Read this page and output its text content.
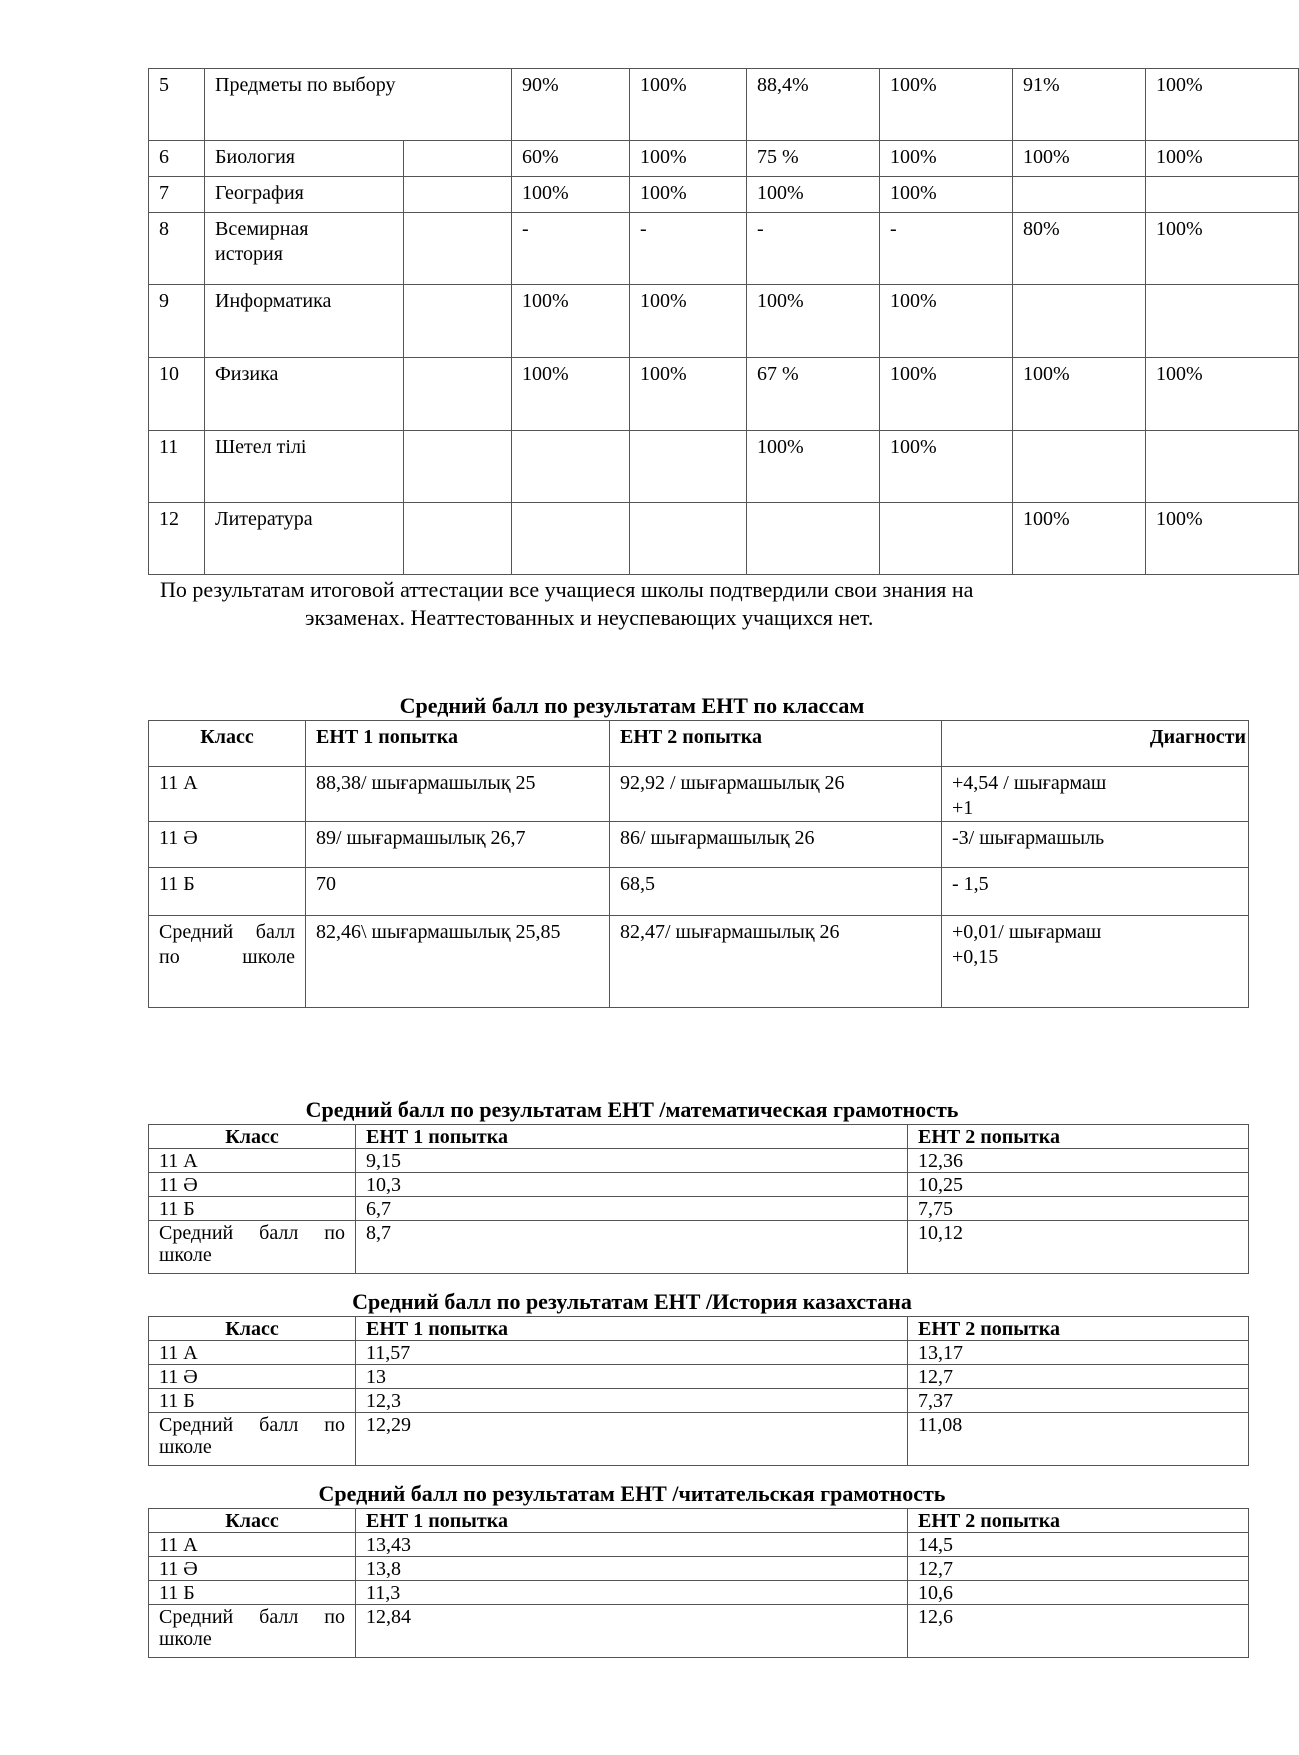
5	Предметы по выбору		90%	100%	88,4%	100%	91%	100%
6	Биология		60%	100%	75 %	100%	100%	100%
7	География		100%	100%	100%	100%		
8	Всемирная история		-	-	-	-	80%	100%
9	Информатика		100%	100%	100%	100%		
10	Физика		100%	100%	67 %	100%	100%	100%
11	Шетел тілі				100%	100%		
12	Литература						100%	100%
По результатам итоговой аттестации все учащиеся школы подтвердили свои знания на
экзаменах. Неаттестованных и неуспевающих учащихся нет.
Средний балл по результатам ЕНТ по классам
Класс	ЕНТ 1 попытка	ЕНТ 2 попытка	Диагности
11 А	88,38/ шығармашылық 25	92,92 / шығармашылық 26	+4,54 / шығармаш
+1

11 Ә	89/ шығармашылық 26,7	86/ шығармашылық 26	-3/ шығармашыль

11 Б	70	68,5	- 1,5

Средний балл по школе	82,46\ шығармашылық 25,85	82,47/ шығармашылық 26	+0,01/ шығармаш
+0,15
Средний балл по результатам ЕНТ /математическая грамотность
Класс	ЕНТ 1 попытка	ЕНТ 2 попытка
11 А	9,15	12,36
11 Ә	10,3	10,25
11 Б	6,7	7,75
Средний балл по школе	8,7	10,12
Средний балл по результатам ЕНТ /История казахстана
Класс	ЕНТ 1 попытка	ЕНТ 2 попытка
11 А	11,57	13,17
11 Ә	13	12,7
11 Б	12,3	7,37
Средний балл по школе	12,29	11,08
Средний балл по результатам ЕНТ /читательская грамотность
Класс	ЕНТ 1 попытка	ЕНТ 2 попытка
11 А	13,43	14,5
11 Ә	13,8	12,7
11 Б	11,3	10,6
Средний балл по школе	12,84	12,6
